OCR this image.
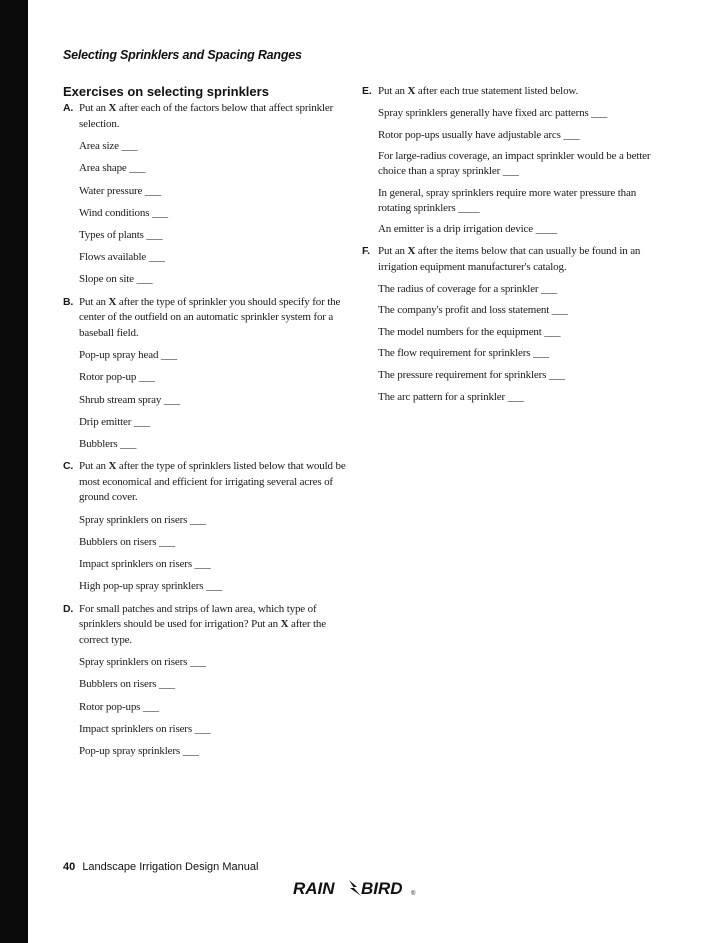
Selecting Sprinklers and Spacing Ranges
Exercises on selecting sprinklers
A. Put an X after each of the factors below that affect sprinkler selection.
Area size ___
Area shape ___
Water pressure ___
Wind conditions ___
Types of plants ___
Flows available ___
Slope on site ___
B. Put an X after the type of sprinkler you should specify for the center of the outfield on an automatic sprinkler system for a baseball field.
Pop-up spray head ___
Rotor pop-up ___
Shrub stream spray ___
Drip emitter ___
Bubblers ___
C. Put an X after the type of sprinklers listed below that would be most economical and efficient for irrigating several acres of ground cover.
Spray sprinklers on risers ___
Bubblers on risers ___
Impact sprinklers on risers ___
High pop-up spray sprinklers ___
D. For small patches and strips of lawn area, which type of sprinklers should be used for irrigation? Put an X after the correct type.
Spray sprinklers on risers ___
Bubblers on risers ___
Rotor pop-ups ___
Impact sprinklers on risers ___
Pop-up spray sprinklers ___
E. Put an X after each true statement listed below.
Spray sprinklers generally have fixed arc patterns ___
Rotor pop-ups usually have adjustable arcs ___
For large-radius coverage, an impact sprinkler would be a better choice than a spray sprinkler ___
In general, spray sprinklers require more water pressure than rotating sprinklers ____
An emitter is a drip irrigation device ____
F. Put an X after the items below that can usually be found in an irrigation equipment manufacturer's catalog.
The radius of coverage for a sprinkler ___
The company's profit and loss statement ___
The model numbers for the equipment ___
The flow requirement for sprinklers ___
The pressure requirement for sprinklers ___
The arc pattern for a sprinkler ___
40 Landscape Irrigation Design Manual
RAIN BIRD ®
